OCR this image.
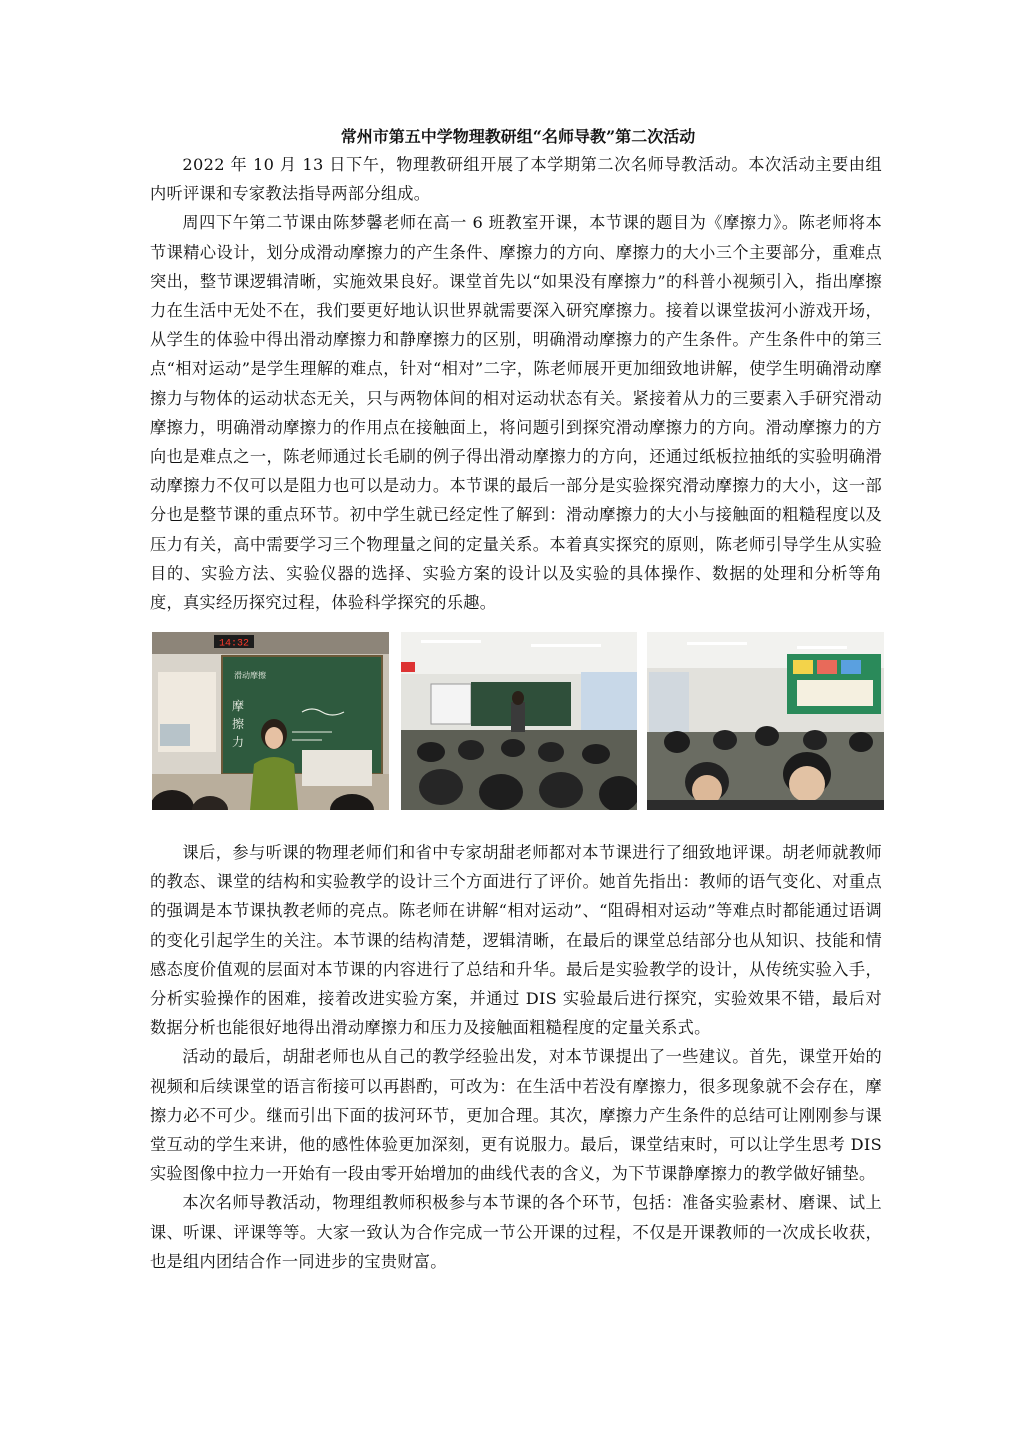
常州市第五中学物理教研组“名师导教”第二次活动

2022 年 10 月 13 日下午，物理教研组开展了本学期第二次名师导教活动。本次活动主要由组内听评课和专家教法指导两部分组成。

周四下午第二节课由陈梦馨老师在高一 6 班教室开课，本节课的题目为《摩擦力》。陈老师将本节课精心设计，划分成滑动摩擦力的产生条件、摩擦力的方向、摩擦力的大小三个主要部分，重难点突出，整节课逻辑清晰，实施效果良好。课堂首先以“如果没有摩擦力”的科普小视频引入，指出摩擦力在生活中无处不在，我们要更好地认识世界就需要深入研究摩擦力。接着以课堂拔河小游戏开场，从学生的体验中得出滑动摩擦力和静摩擦力的区别，明确滑动摩擦力的产生条件。产生条件中的第三点“相对运动”是学生理解的难点，针对“相对”二字，陈老师展开更加细致地讲解，使学生明确滑动摩擦力与物体的运动状态无关，只与两物体间的相对运动状态有关。紧接着从力的三要素入手研究滑动摩擦力，明确滑动摩擦力的作用点在接触面上，将问题引到探究滑动摩擦力的方向。滑动摩擦力的方向也是难点之一，陈老师通过长毛刷的例子得出滑动摩擦力的方向，还通过纸板拉抽纸的实验明确滑动摩擦力不仅可以是阻力也可以是动力。本节课的最后一部分是实验探究滑动摩擦力的大小，这一部分也是整节课的重点环节。初中学生就已经定性了解到：滑动摩擦力的大小与接触面的粗糙程度以及压力有关，高中需要学习三个物理量之间的定量关系。本着真实探究的原则，陈老师引导学生从实验目的、实验方法、实验仪器的选择、实验方案的设计以及实验的具体操作、数据的处理和分析等角度，真实经历探究过程，体验科学探究的乐趣。

14:32
滑动摩擦
摩
擦
力

课后，参与听课的物理老师们和省中专家胡甜老师都对本节课进行了细致地评课。胡老师就教师的教态、课堂的结构和实验教学的设计三个方面进行了评价。她首先指出：教师的语气变化、对重点的强调是本节课执教老师的亮点。陈老师在讲解“相对运动”、“阻碍相对运动”等难点时都能通过语调的变化引起学生的关注。本节课的结构清楚，逻辑清晰，在最后的课堂总结部分也从知识、技能和情感态度价值观的层面对本节课的内容进行了总结和升华。最后是实验教学的设计，从传统实验入手，分析实验操作的困难，接着改进实验方案，并通过 DIS 实验最后进行探究，实验效果不错，最后对数据分析也能很好地得出滑动摩擦力和压力及接触面粗糙程度的定量关系式。

活动的最后，胡甜老师也从自己的教学经验出发，对本节课提出了一些建议。首先，课堂开始的视频和后续课堂的语言衔接可以再斟酌，可改为：在生活中若没有摩擦力，很多现象就不会存在，摩擦力必不可少。继而引出下面的拔河环节，更加合理。其次，摩擦力产生条件的总结可让刚刚参与课堂互动的学生来讲，他的感性体验更加深刻，更有说服力。最后，课堂结束时，可以让学生思考 DIS 实验图像中拉力一开始有一段由零开始增加的曲线代表的含义，为下节课静摩擦力的教学做好铺垫。

本次名师导教活动，物理组教师积极参与本节课的各个环节，包括：准备实验素材、磨课、试上课、听课、评课等等。大家一致认为合作完成一节公开课的过程，不仅是开课教师的一次成长收获，也是组内团结合作一同进步的宝贵财富。
